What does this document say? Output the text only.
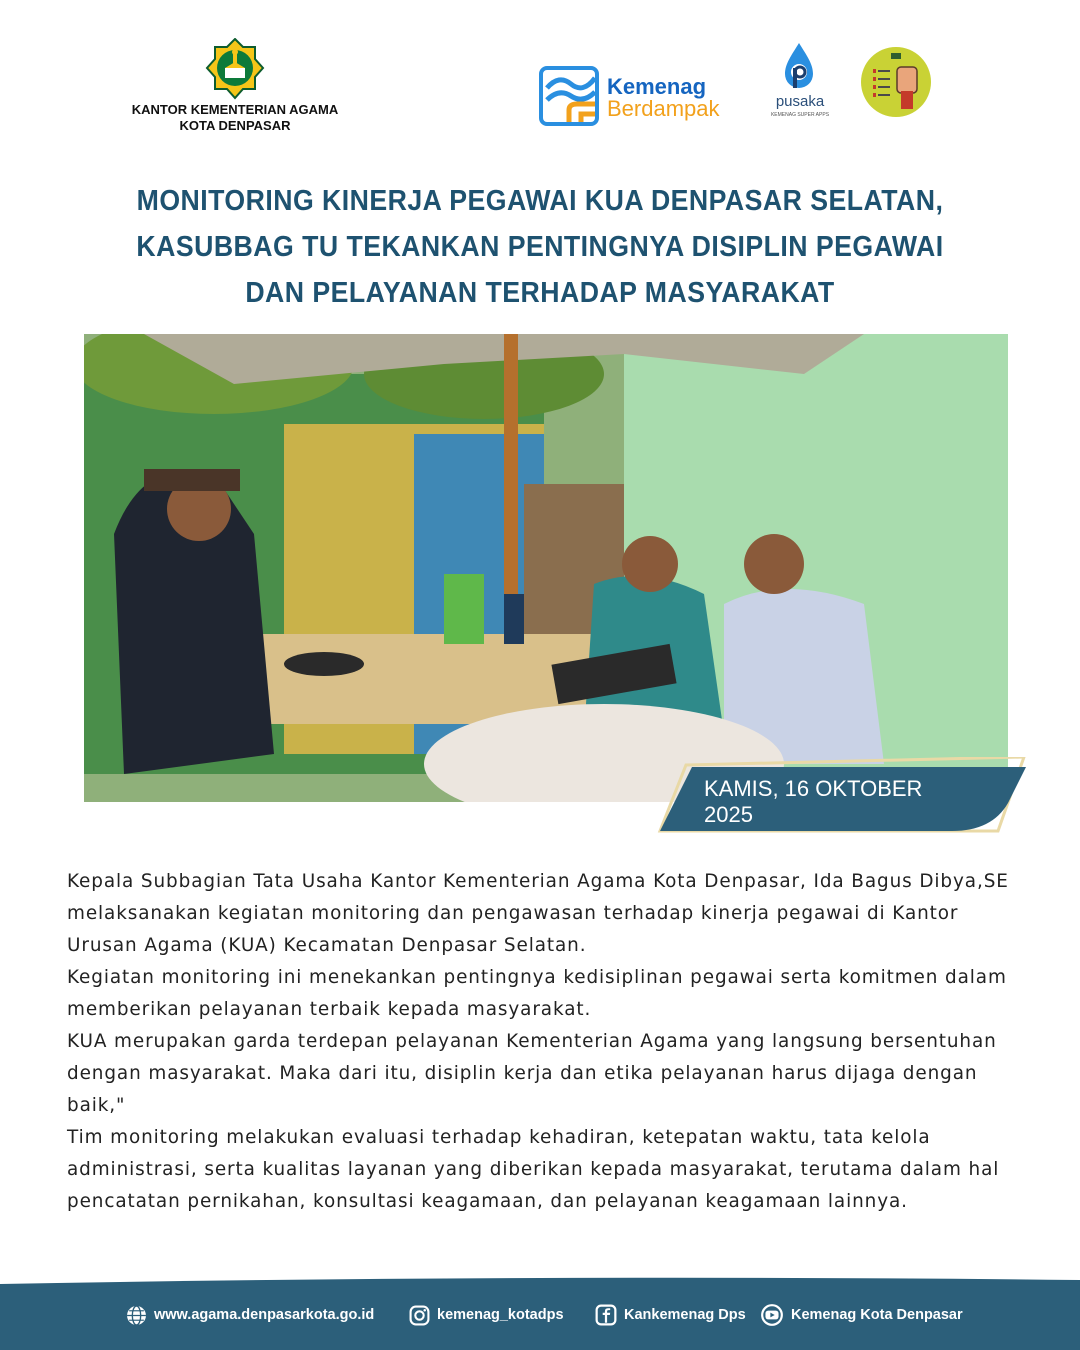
KANTOR KEMENTERIAN AGAMA
KOTA DENPASAR
Kemenag
Berdampak	pusaka
KEMENAG SUPER APPS
MONITORING KINERJA PEGAWAI KUA DENPASAR SELATAN, KASUBBAG TU TEKANKAN PENTINGNYA DISIPLIN PEGAWAI DAN PELAYANAN TERHADAP MASYARAKAT
KAMIS, 16 OKTOBER 2025

Kepala Subbagian Tata Usaha Kantor Kementerian Agama Kota Denpasar, Ida Bagus Dibya,SE melaksanakan kegiatan monitoring dan pengawasan terhadap kinerja pegawai di Kantor Urusan Agama (KUA) Kecamatan Denpasar Selatan.

Kegiatan monitoring ini menekankan pentingnya kedisiplinan pegawai serta komitmen dalam memberikan pelayanan terbaik kepada masyarakat.

KUA merupakan garda terdepan pelayanan Kementerian Agama yang langsung bersentuhan dengan masyarakat. Maka dari itu, disiplin kerja dan etika pelayanan harus dijaga dengan baik,"

Tim monitoring melakukan evaluasi terhadap kehadiran, ketepatan waktu, tata kelola administrasi, serta kualitas layanan yang diberikan kepada masyarakat, terutama dalam hal pencatatan pernikahan, konsultasi keagamaan, dan pelayanan keagamaan lainnya.

www.agama.denpasarkota.go.id	kemenag_kotadps	Kankemenag Dps	Kemenag Kota Denpasar
